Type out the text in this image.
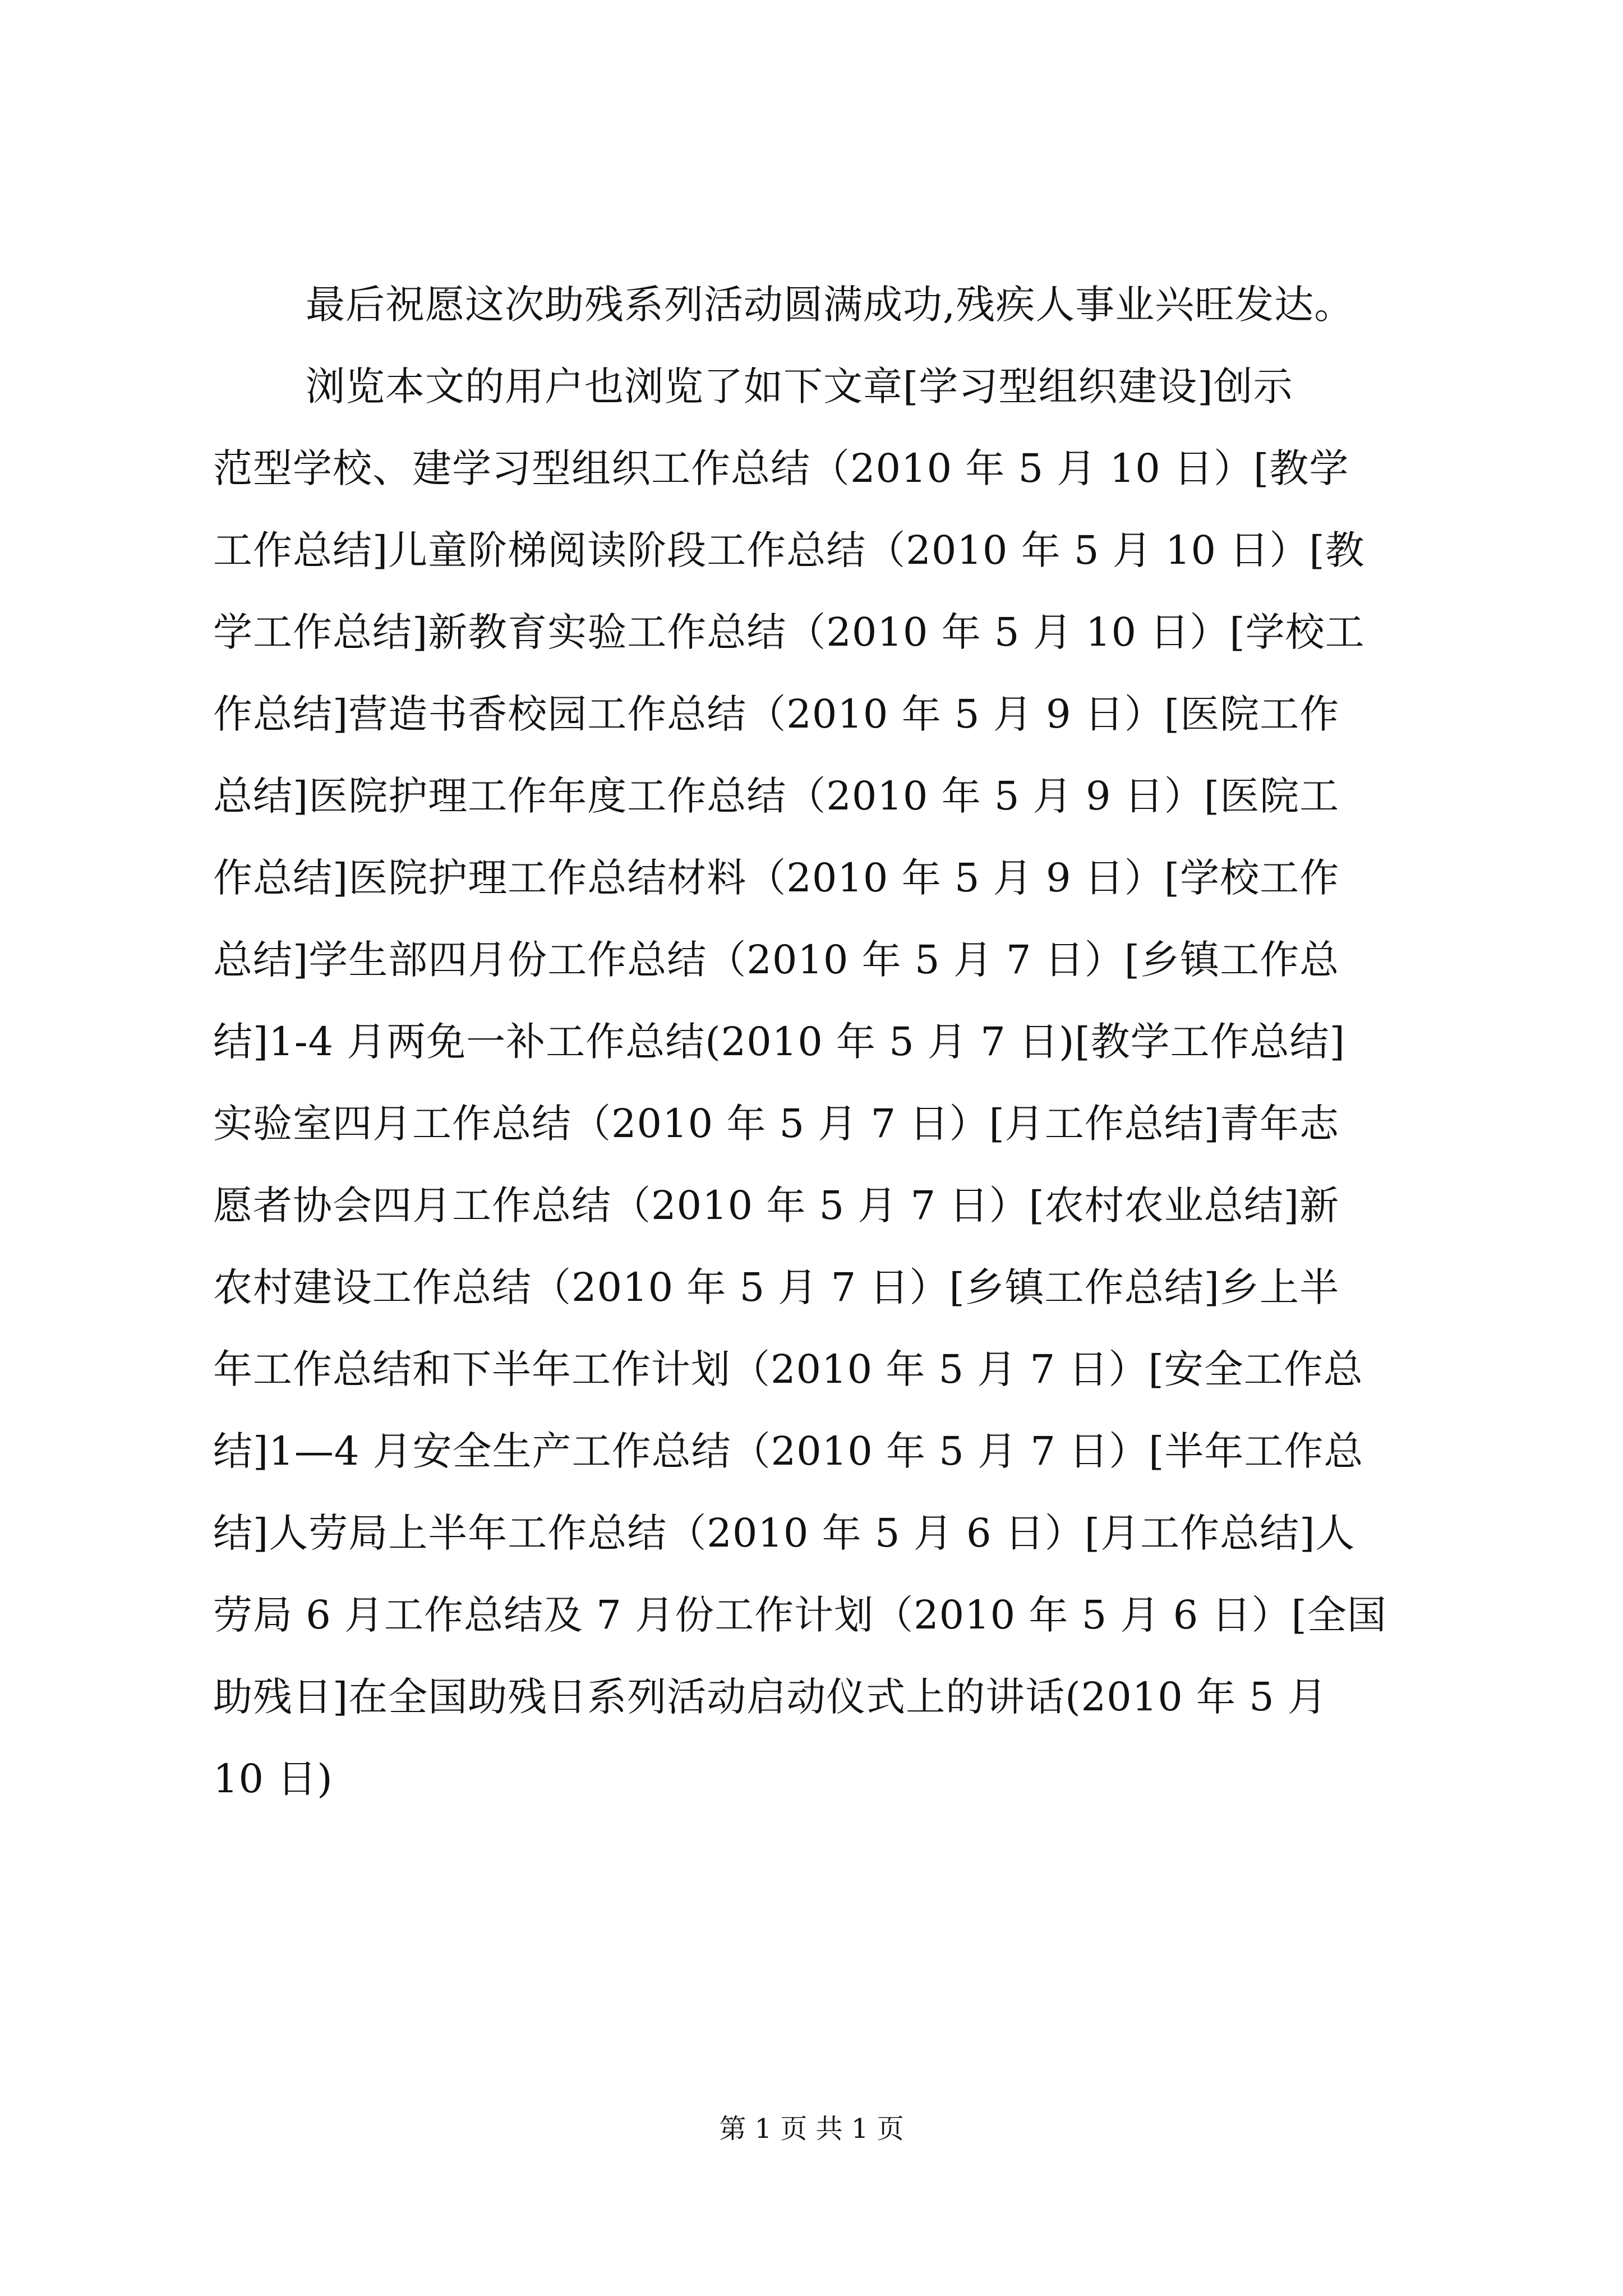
最后祝愿这次助残系列活动圆满成功,残疾人事业兴旺发达。
浏览本文的用户也浏览了如下文章[学习型组织建设]创示
范型学校、建学习型组织工作总结（2010 年 5 月 10 日）[教学
工作总结]儿童阶梯阅读阶段工作总结（2010 年 5 月 10 日）[教
学工作总结]新教育实验工作总结（2010 年 5 月 10 日）[学校工
作总结]营造书香校园工作总结（2010 年 5 月 9 日）[医院工作
总结]医院护理工作年度工作总结（2010 年 5 月 9 日）[医院工
作总结]医院护理工作总结材料（2010 年 5 月 9 日）[学校工作
总结]学生部四月份工作总结（2010 年 5 月 7 日）[乡镇工作总
结]1-4 月两免一补工作总结(2010 年 5 月 7 日)[教学工作总结]
实验室四月工作总结（2010 年 5 月 7 日）[月工作总结]青年志
愿者协会四月工作总结（2010 年 5 月 7 日）[农村农业总结]新
农村建设工作总结（2010 年 5 月 7 日）[乡镇工作总结]乡上半
年工作总结和下半年工作计划（2010 年 5 月 7 日）[安全工作总
结]1—4 月安全生产工作总结（2010 年 5 月 7 日）[半年工作总
结]人劳局上半年工作总结（2010 年 5 月 6 日）[月工作总结]人
劳局 6 月工作总结及 7 月份工作计划（2010 年 5 月 6 日）[全国
助残日]在全国助残日系列活动启动仪式上的讲话(2010 年 5 月
10 日)
第 1 页 共 1 页
